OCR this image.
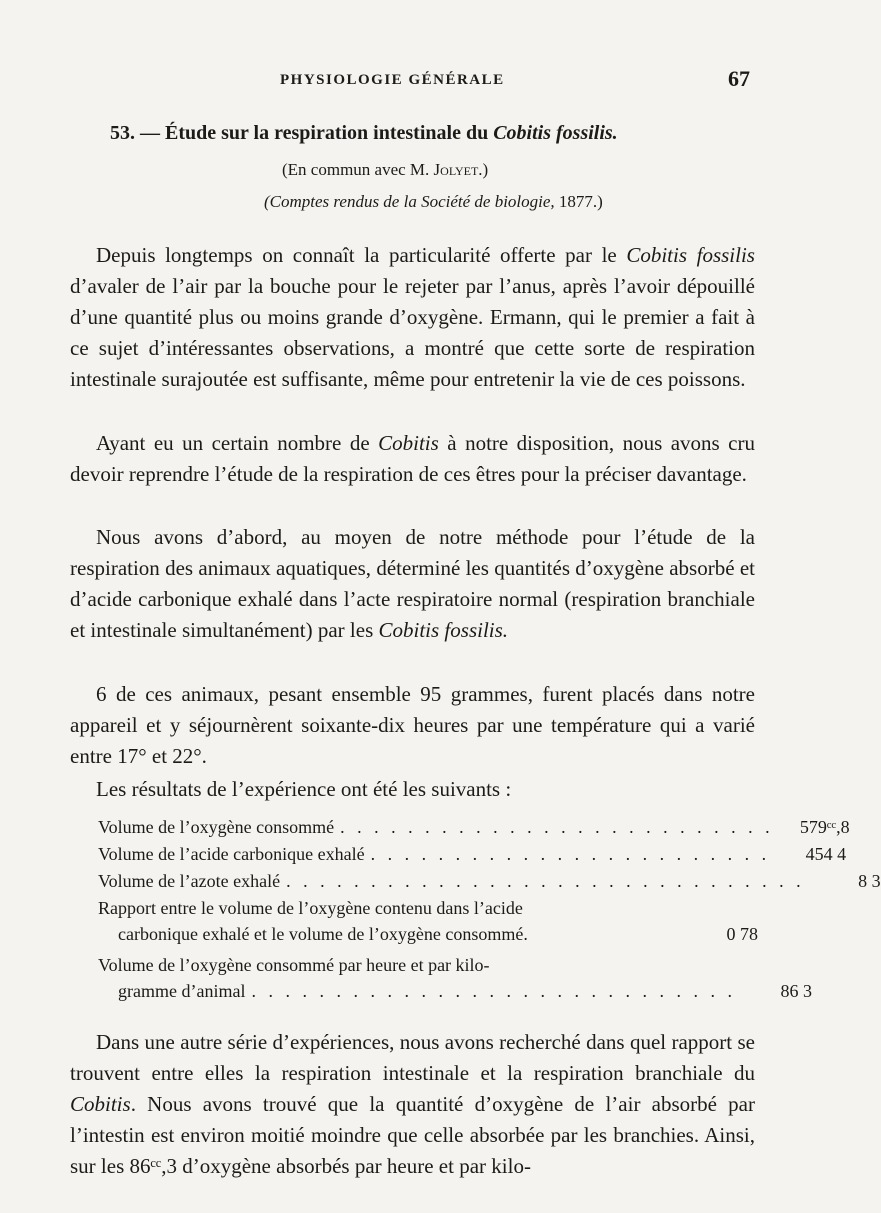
PHYSIOLOGIE GÉNÉRALE	67
53. — Étude sur la respiration intestinale du Cobitis fossilis.
(En commun avec M. Jolyet.)
(Comptes rendus de la Société de biologie, 1877.)

Depuis longtemps on connaît la particularité offerte par le Cobitis fossilis d’avaler de l’air par la bouche pour le rejeter par l’anus, après l’avoir dépouillé d’une quantité plus ou moins grande d’oxygène. Ermann, qui le premier a fait à ce sujet d’intéressantes observations, a montré que cette sorte de respiration intestinale surajoutée est suffisante, même pour entretenir la vie de ces poissons.

Ayant eu un certain nombre de Cobitis à notre disposition, nous avons cru devoir reprendre l’étude de la respiration de ces êtres pour la préciser davantage.

Nous avons d’abord, au moyen de notre méthode pour l’étude de la respiration des animaux aquatiques, déterminé les quantités d’oxygène absorbé et d’acide carbonique exhalé dans l’acte respiratoire normal (respiration branchiale et intestinale simultanément) par les Cobitis fossilis.

6 de ces animaux, pesant ensemble 95 grammes, furent placés dans notre appareil et y séjournèrent soixante-dix heures par une température qui a varié entre 17° et 22°.

Les résultats de l’expérience ont été les suivants :

Volume de l’oxygène consommé . . . . . . . . . . . . . . . . . . . . . . . . . .	579ᶜᶜ,8
Volume de l’acide carbonique exhalé . . . . . . . . . . . . . . . . . . . . . . . .	454 4
Volume de l’azote exhalé . . . . . . . . . . . . . . . . . . . . . . . . . . . . . . .	8 3
Rapport entre le volume de l’oxygène contenu dans l’acide
carbonique exhalé et le volume de l’oxygène consommé.	0 78
Volume de l’oxygène consommé par heure et par kilo-
gramme d’animal . . . . . . . . . . . . . . . . . . . . . . . . . . . . .	86 3

Dans une autre série d’expériences, nous avons recherché dans quel rapport se trouvent entre elles la respiration intestinale et la respiration branchiale du Cobitis. Nous avons trouvé que la quantité d’oxygène de l’air absorbé par l’intestin est environ moitié moindre que celle absorbée par les branchies. Ainsi, sur les 86ᶜᶜ,3 d’oxygène absorbés par heure et par kilo-
